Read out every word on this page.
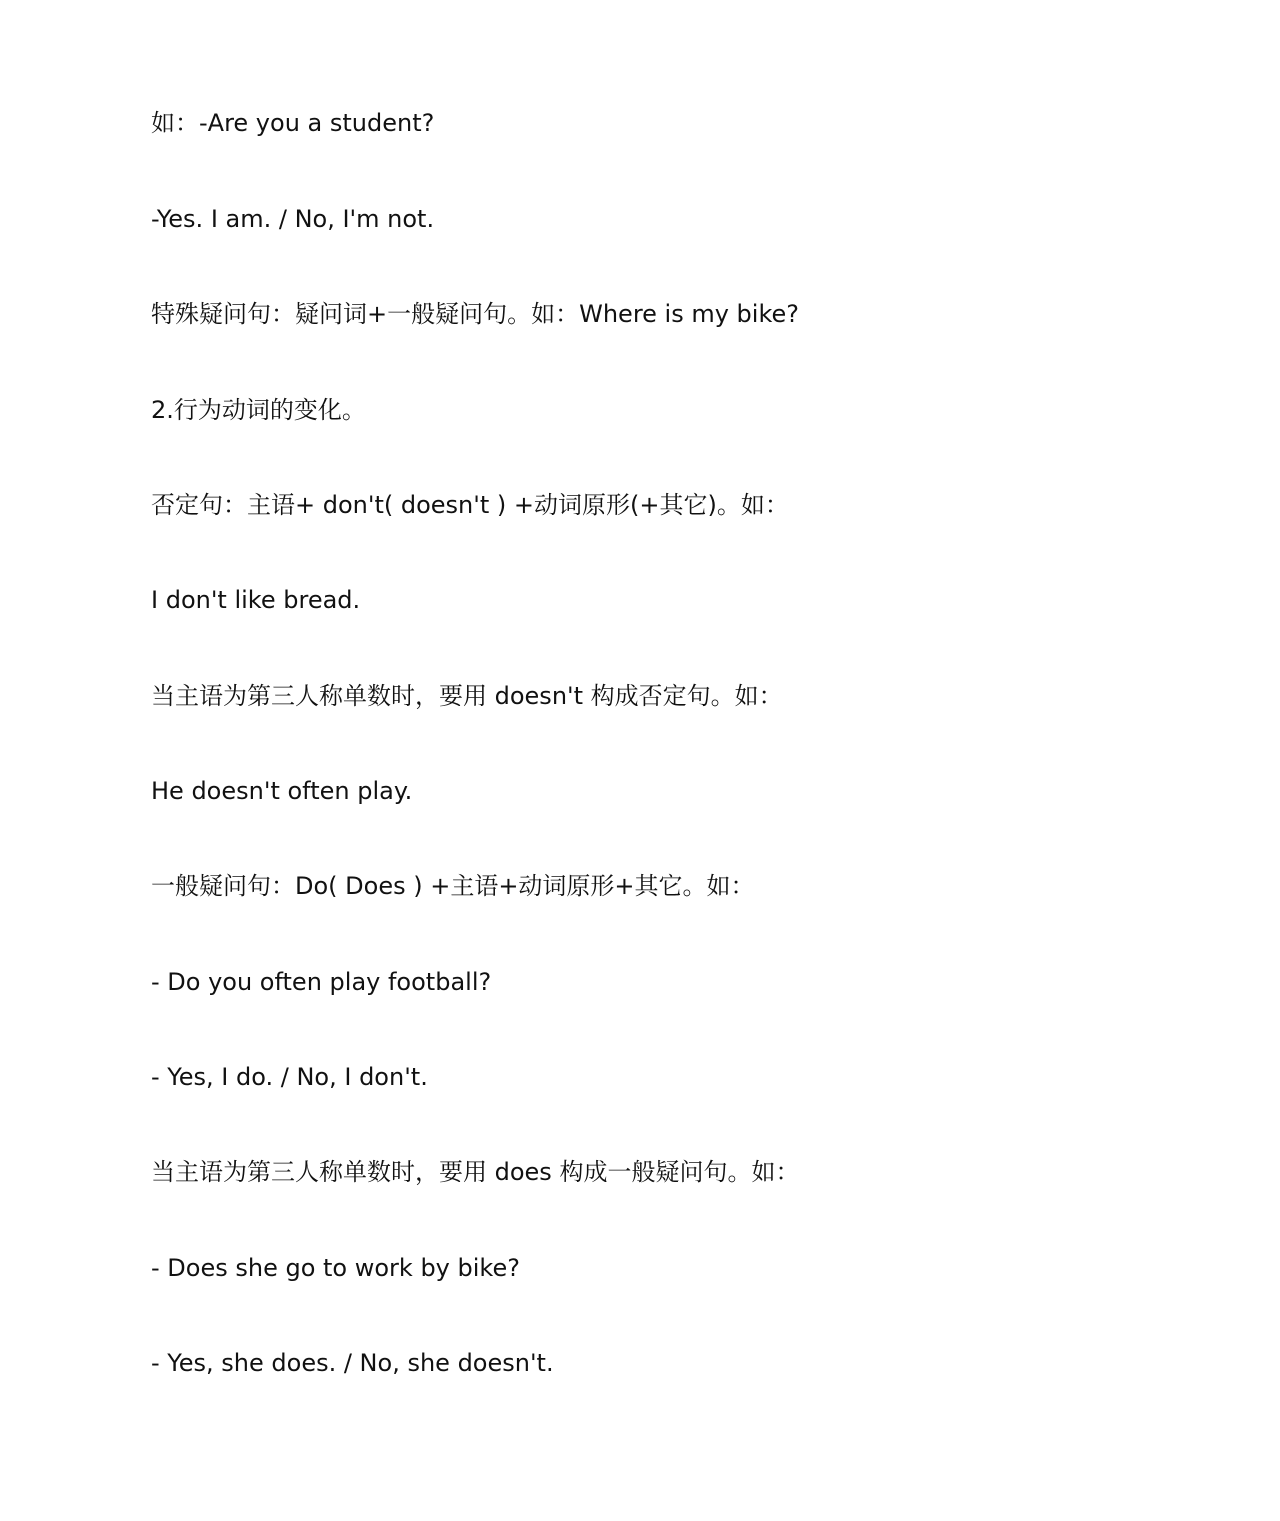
如：-Are you a student?

-Yes. I am. / No, I'm not.

特殊疑问句：疑问词+一般疑问句。如：Where is my bike?

2.行为动词的变化。

否定句：主语+ don't( doesn't ) +动词原形(+其它)。如：

I don't like bread.

当主语为第三人称单数时，要用 doesn't 构成否定句。如：

He doesn't often play.

一般疑问句：Do( Does ) +主语+动词原形+其它。如：

- Do you often play football?

- Yes, I do. / No, I don't.

当主语为第三人称单数时，要用 does 构成一般疑问句。如：

- Does she go to work by bike?

- Yes, she does. / No, she doesn't.
